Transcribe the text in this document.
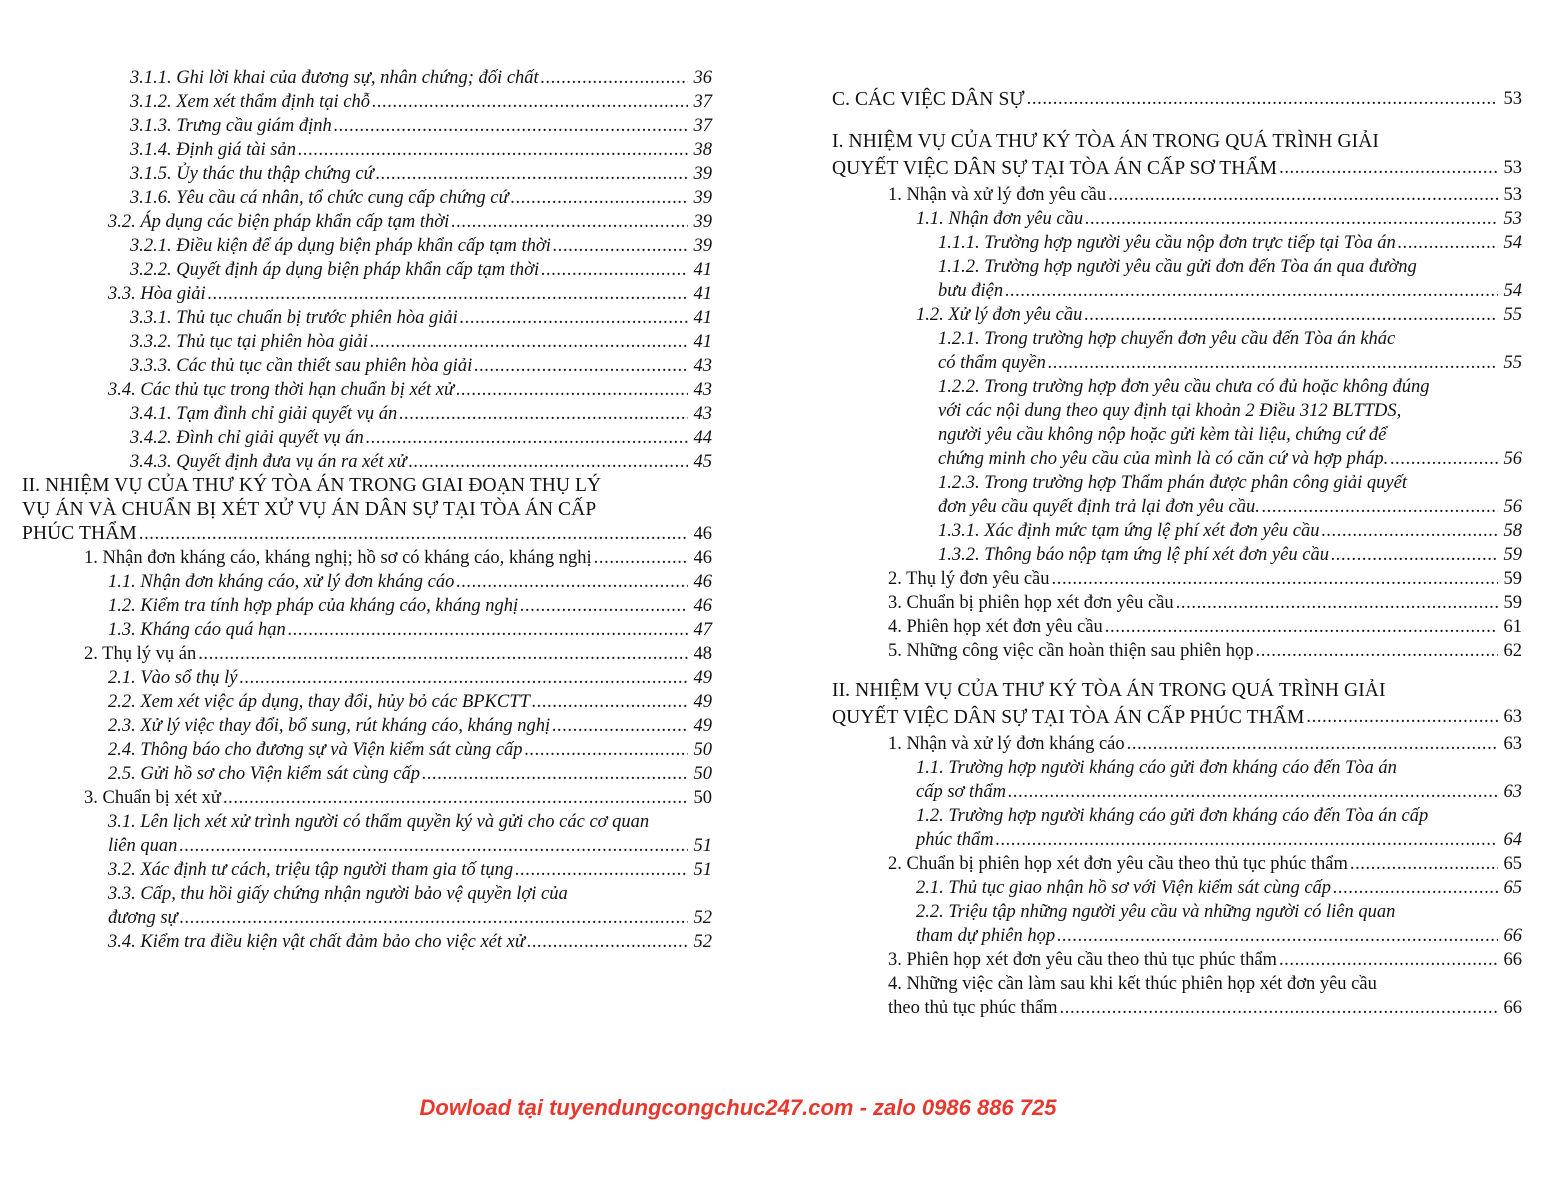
3.1.1. Ghi lời khai của đương sự, nhân chứng; đối chất .....	36
3.1.2. Xem xét thẩm định tại chỗ .....	37
3.1.3. Trưng cầu giám định .....	37
3.1.4. Định giá tài sản .....	38
3.1.5. Ủy thác thu thập chứng cứ .....	39
3.1.6. Yêu cầu cá nhân, tổ chức cung cấp chứng cứ .....	39
3.2. Áp dụng các biện pháp khẩn cấp tạm thời .....	39
3.2.1. Điều kiện để áp dụng biện pháp khẩn cấp tạm thời .....	39
3.2.2. Quyết định áp dụng biện pháp khẩn cấp tạm thời .....	41
3.3. Hòa giải .....	41
3.3.1. Thủ tục chuẩn bị trước phiên hòa giải .....	41
3.3.2. Thủ tục tại phiên hòa giải .....	41
3.3.3. Các thủ tục cần thiết sau phiên hòa giải .....	43
3.4. Các thủ tục trong thời hạn chuẩn bị xét xử .....	43
3.4.1. Tạm đình chỉ giải quyết vụ án .....	43
3.4.2. Đình chỉ giải quyết vụ án .....	44
3.4.3. Quyết định đưa vụ án ra xét xử .....	45
II. NHIỆM VỤ CỦA THƯ KÝ TÒA ÁN TRONG GIAI ĐOẠN THỤ LÝ
VỤ ÁN VÀ CHUẨN BỊ XÉT XỬ VỤ ÁN DÂN SỰ TẠI TÒA ÁN CẤP
PHÚC THẨM .....	46
1. Nhận đơn kháng cáo, kháng nghị; hồ sơ có kháng cáo, kháng nghị .....	46
1.1. Nhận đơn kháng cáo, xử lý đơn kháng cáo .....	46
1.2. Kiểm tra tính hợp pháp của kháng cáo, kháng nghị .....	46
1.3. Kháng cáo quá hạn .....	47
2. Thụ lý vụ án .....	48
2.1. Vào sổ thụ lý .....	49
2.2. Xem xét việc áp dụng, thay đổi, hủy bỏ các BPKCTT .....	49
2.3. Xử lý việc thay đổi, bổ sung, rút kháng cáo, kháng nghị .....	49
2.4. Thông báo cho đương sự và Viện kiểm sát cùng cấp .....	50
2.5. Gửi hồ sơ cho Viện kiểm sát cùng cấp .....	50
3. Chuẩn bị xét xử .....	50
3.1. Lên lịch xét xử trình người có thẩm quyền ký và gửi cho các cơ quan
liên quan .....	51
3.2. Xác định tư cách, triệu tập người tham gia tố tụng .....	51
3.3. Cấp, thu hồi giấy chứng nhận người bảo vệ quyền lợi của
đương sự .....	52
3.4. Kiểm tra điều kiện vật chất đảm bảo cho việc xét xử .....	52
C. CÁC VIỆC DÂN SỰ .....	53
I. NHIỆM VỤ CỦA THƯ KÝ TÒA ÁN TRONG QUÁ TRÌNH GIẢI
QUYẾT VIỆC DÂN SỰ TẠI TÒA ÁN CẤP SƠ THẨM .....	53
1. Nhận và xử lý đơn yêu cầu .....	53
1.1. Nhận đơn yêu cầu .....	53
1.1.1. Trường hợp người yêu cầu nộp đơn trực tiếp tại Tòa án .....	54
1.1.2. Trường hợp người yêu cầu gửi đơn đến Tòa án qua đường
bưu điện .....	54
1.2. Xử lý đơn yêu cầu .....	55
1.2.1. Trong trường hợp chuyển đơn yêu cầu đến Tòa án khác
có thẩm quyền .....	55
1.2.2. Trong trường hợp đơn yêu cầu chưa có đủ hoặc không đúng
với các nội dung theo quy định tại khoản 2 Điều 312 BLTTDS,
người yêu cầu không nộp hoặc gửi kèm tài liệu, chứng cứ để
chứng minh cho yêu cầu của mình là có căn cứ và hợp pháp. .....	56
1.2.3. Trong trường hợp Thẩm phán được phân công giải quyết
đơn yêu cầu quyết định trả lại đơn yêu cầu. .....	56
1.3.1. Xác định mức tạm ứng lệ phí xét đơn yêu cầu .....	58
1.3.2. Thông báo nộp tạm ứng lệ phí xét đơn yêu cầu .....	59
2. Thụ lý đơn yêu cầu .....	59
3. Chuẩn bị phiên họp xét đơn yêu cầu .....	59
4. Phiên họp xét đơn yêu cầu .....	61
5. Những công việc cần hoàn thiện sau phiên họp .....	62
II. NHIỆM VỤ CỦA THƯ KÝ TÒA ÁN TRONG QUÁ TRÌNH GIẢI
QUYẾT VIỆC DÂN SỰ TẠI TÒA ÁN CẤP PHÚC THẨM .....	63
1. Nhận và xử lý đơn kháng cáo .....	63
1.1. Trường hợp người kháng cáo gửi đơn kháng cáo đến Tòa án
cấp sơ thẩm .....	63
1.2. Trường hợp người kháng cáo gửi đơn kháng cáo đến Tòa án cấp
phúc thẩm .....	64
2. Chuẩn bị phiên họp xét đơn yêu cầu theo thủ tục phúc thẩm .....	65
2.1. Thủ tục giao nhận hồ sơ với Viện kiểm sát cùng cấp .....	65
2.2. Triệu tập những người yêu cầu và những người có liên quan
tham dự phiên họp .....	66
3. Phiên họp xét đơn yêu cầu theo thủ tục phúc thẩm .....	66
4. Những việc cần làm sau khi kết thúc phiên họp xét đơn yêu cầu
theo thủ tục phúc thẩm .....	66
Dowload tại tuyendungcongchuc247.com - zalo 0986 886 725
